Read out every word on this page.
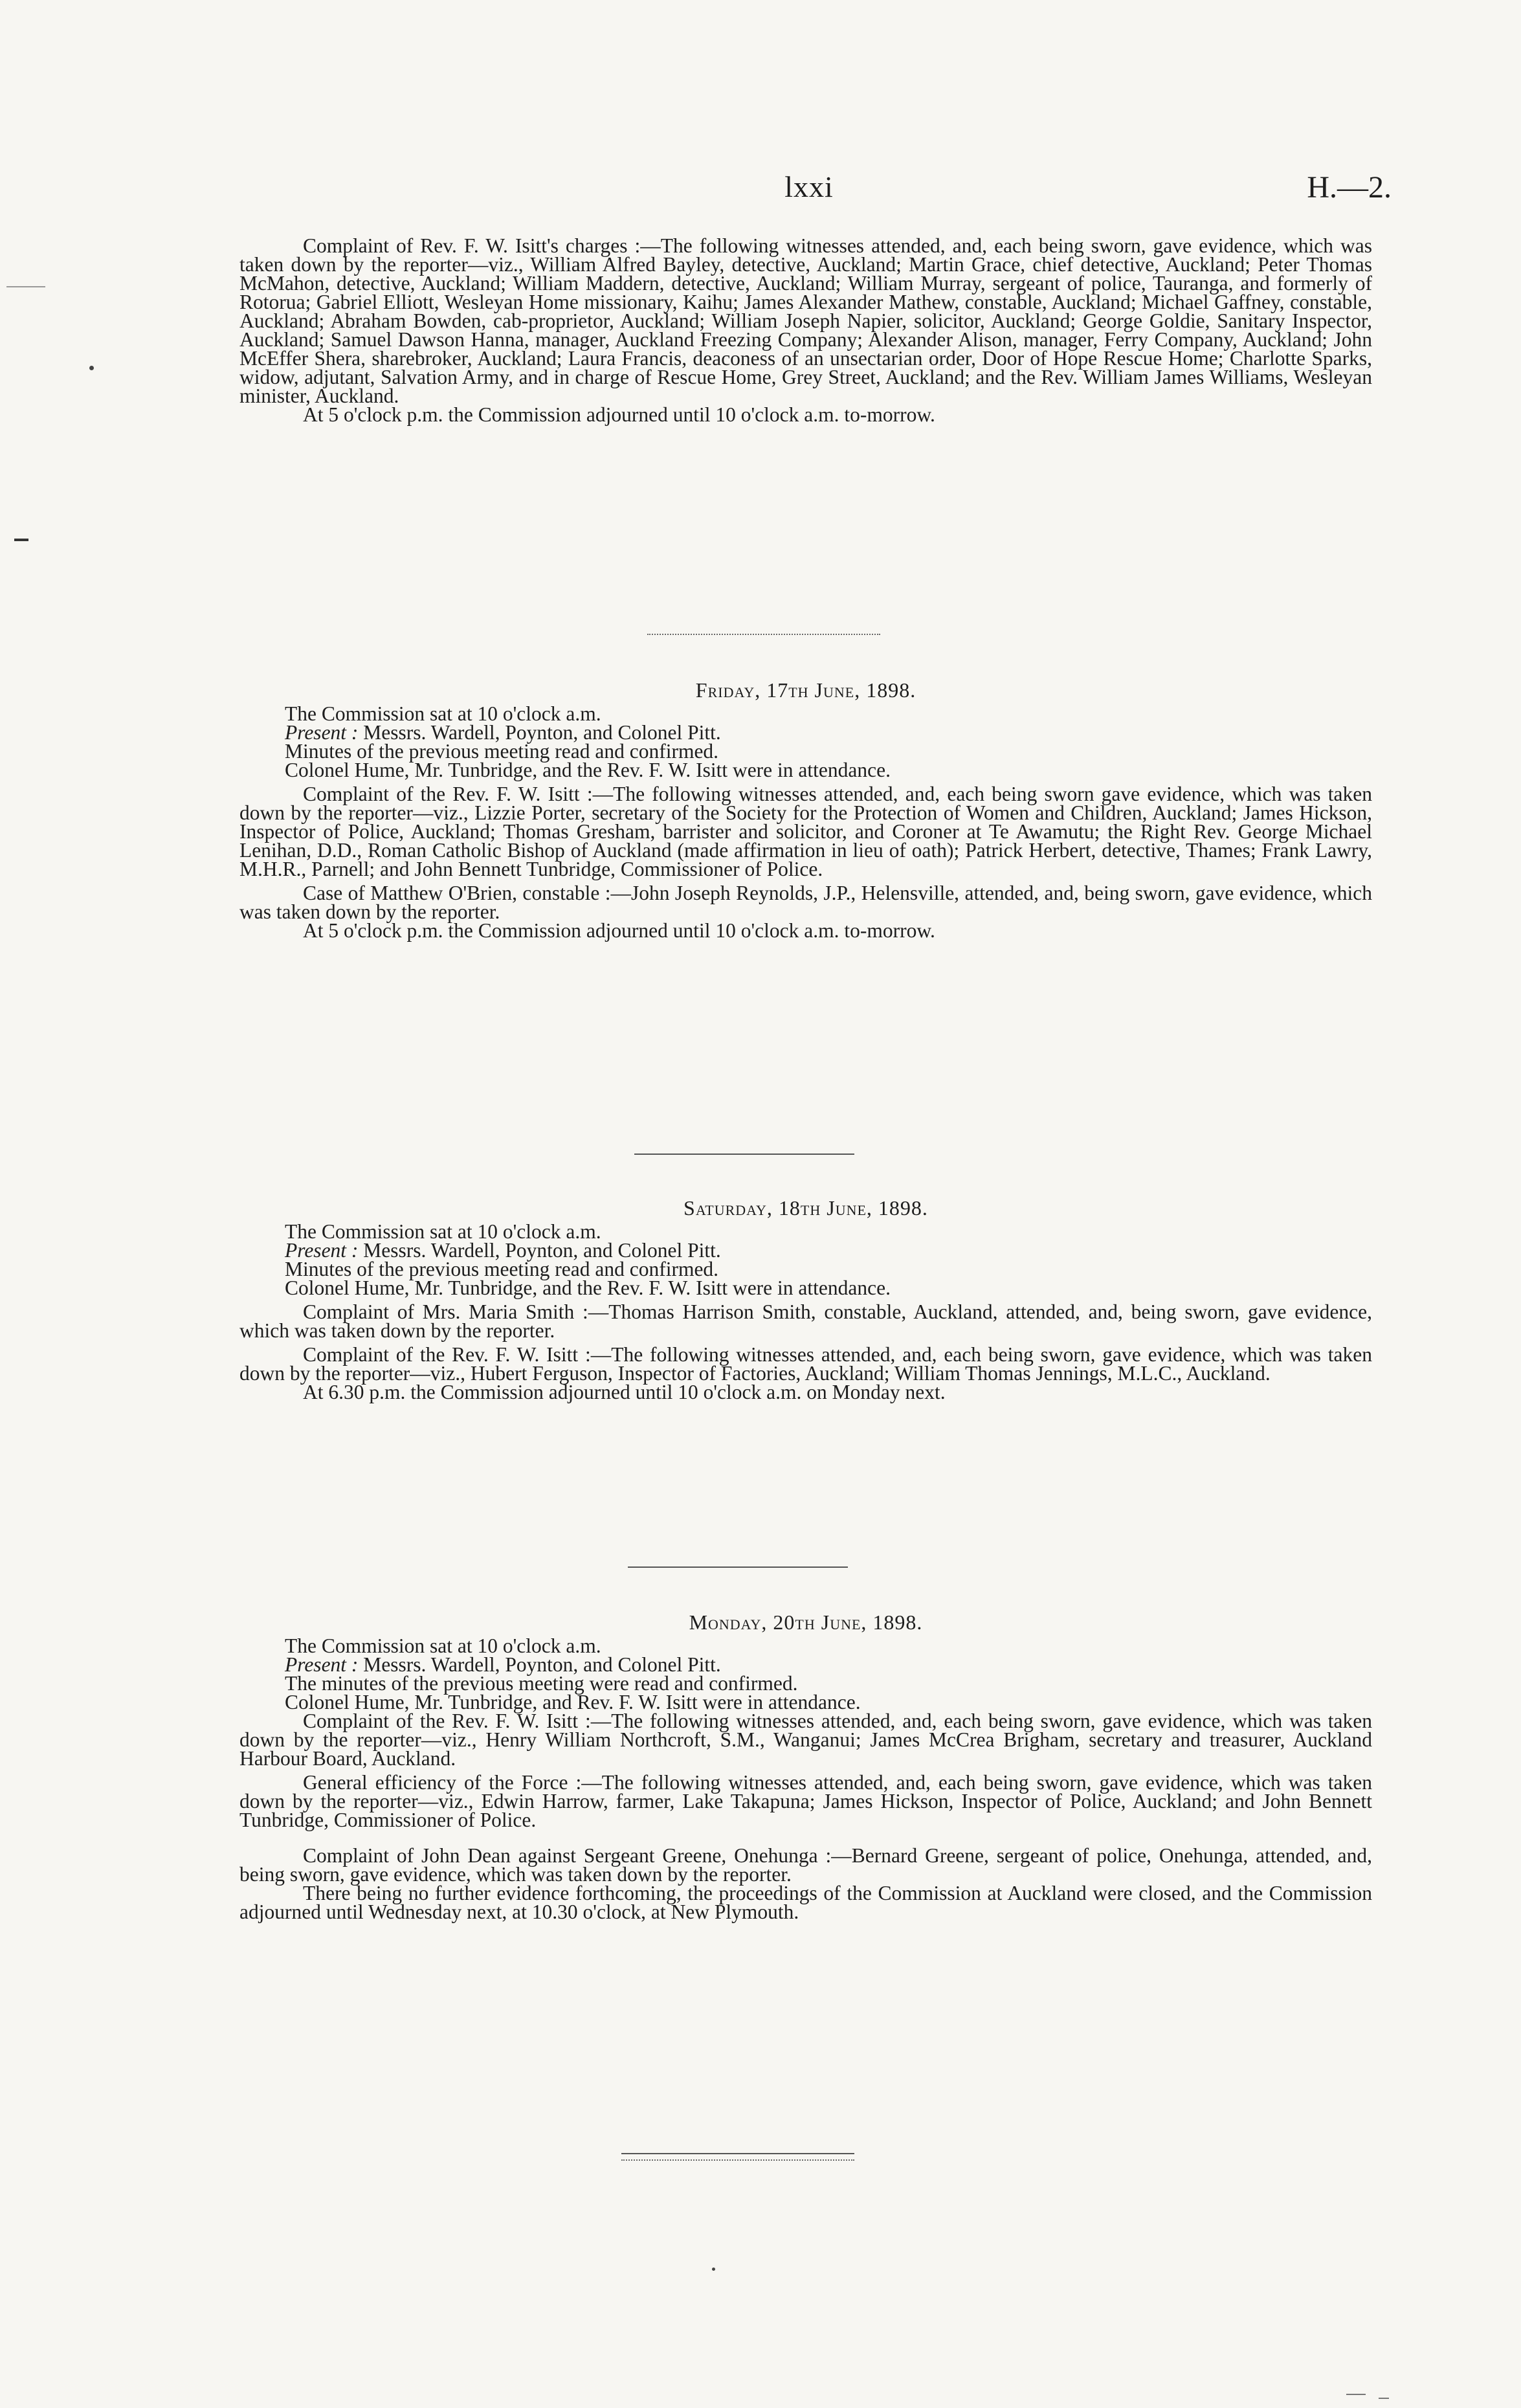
lxxi	H.—2.

Complaint of Rev. F. W. Isitt's charges :—The following witnesses attended, and, each being sworn, gave evidence, which was taken down by the reporter—viz., William Alfred Bayley, detective, Auckland; Martin Grace, chief detective, Auckland; Peter Thomas McMahon, detective, Auckland; William Maddern, detective, Auckland; William Murray, sergeant of police, Tauranga, and formerly of Rotorua; Gabriel Elliott, Wesleyan Home missionary, Kaihu; James Alexander Mathew, constable, Auckland; Michael Gaffney, constable, Auckland; Abraham Bowden, cab-proprietor, Auckland; William Joseph Napier, solicitor, Auckland; George Goldie, Sanitary Inspector, Auckland; Samuel Dawson Hanna, manager, Auckland Freezing Company; Alexander Alison, manager, Ferry Company, Auckland; John McEffer Shera, sharebroker, Auckland; Laura Francis, deaconess of an unsectarian order, Door of Hope Rescue Home; Charlotte Sparks, widow, adjutant, Salvation Army, and in charge of Rescue Home, Grey Street, Auckland; and the Rev. William James Williams, Wesleyan minister, Auckland.

At 5 o'clock p.m. the Commission adjourned until 10 o'clock a.m. to-morrow.

Friday, 17th June, 1898.

The Commission sat at 10 o'clock a.m.

Present : Messrs. Wardell, Poynton, and Colonel Pitt.

Minutes of the previous meeting read and confirmed.

Colonel Hume, Mr. Tunbridge, and the Rev. F. W. Isitt were in attendance.

Complaint of the Rev. F. W. Isitt :—The following witnesses attended, and, each being sworn gave evidence, which was taken down by the reporter—viz., Lizzie Porter, secretary of the Society for the Protection of Women and Children, Auckland; James Hickson, Inspector of Police, Auckland; Thomas Gresham, barrister and solicitor, and Coroner at Te Awamutu; the Right Rev. George Michael Lenihan, D.D., Roman Catholic Bishop of Auckland (made affirmation in lieu of oath); Patrick Herbert, detective, Thames; Frank Lawry, M.H.R., Parnell; and John Bennett Tunbridge, Commissioner of Police.

Case of Matthew O'Brien, constable :—John Joseph Reynolds, J.P., Helensville, attended, and, being sworn, gave evidence, which was taken down by the reporter.

At 5 o'clock p.m. the Commission adjourned until 10 o'clock a.m. to-morrow.

Saturday, 18th June, 1898.

The Commission sat at 10 o'clock a.m.

Present : Messrs. Wardell, Poynton, and Colonel Pitt.

Minutes of the previous meeting read and confirmed.

Colonel Hume, Mr. Tunbridge, and the Rev. F. W. Isitt were in attendance.

Complaint of Mrs. Maria Smith :—Thomas Harrison Smith, constable, Auckland, attended, and, being sworn, gave evidence, which was taken down by the reporter.

Complaint of the Rev. F. W. Isitt :—The following witnesses attended, and, each being sworn, gave evidence, which was taken down by the reporter—viz., Hubert Ferguson, Inspector of Factories, Auckland; William Thomas Jennings, M.L.C., Auckland.

At 6.30 p.m. the Commission adjourned until 10 o'clock a.m. on Monday next.

Monday, 20th June, 1898.

The Commission sat at 10 o'clock a.m.

Present : Messrs. Wardell, Poynton, and Colonel Pitt.

The minutes of the previous meeting were read and confirmed.

Colonel Hume, Mr. Tunbridge, and Rev. F. W. Isitt were in attendance.

Complaint of the Rev. F. W. Isitt :—The following witnesses attended, and, each being sworn, gave evidence, which was taken down by the reporter—viz., Henry William Northcroft, S.M., Wanganui; James McCrea Brigham, secretary and treasurer, Auckland Harbour Board, Auckland.

General efficiency of the Force :—The following witnesses attended, and, each being sworn, gave evidence, which was taken down by the reporter—viz., Edwin Harrow, farmer, Lake Takapuna; James Hickson, Inspector of Police, Auckland; and John Bennett Tunbridge, Commissioner of Police.

Complaint of John Dean against Sergeant Greene, Onehunga :—Bernard Greene, sergeant of police, Onehunga, attended, and, being sworn, gave evidence, which was taken down by the reporter.

There being no further evidence forthcoming, the proceedings of the Commission at Auckland were closed, and the Commission adjourned until Wednesday next, at 10.30 o'clock, at New Plymouth.
